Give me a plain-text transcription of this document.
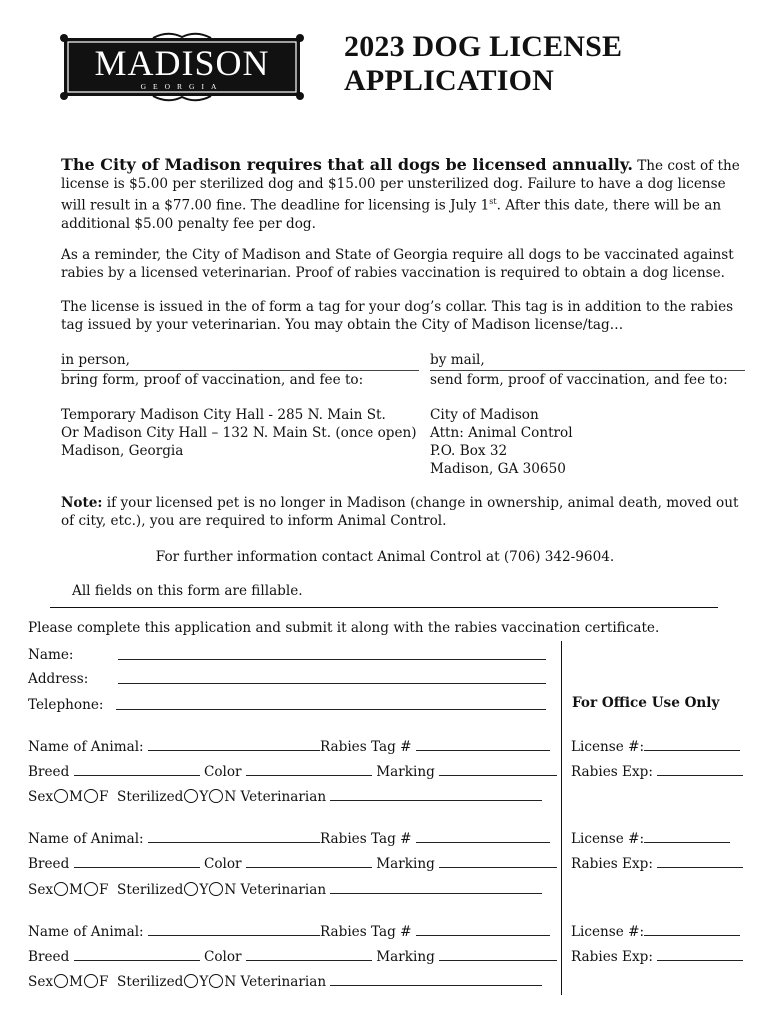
MADISON
GEORGIA
2023 DOG LICENSE
APPLICATION
The City of Madison requires that all dogs be licensed annually. The cost of the license is $5.00 per sterilized dog and $15.00 per unsterilized dog. Failure to have a dog license will result in a $77.00 fine. The deadline for licensing is July 1st. After this date, there will be an additional $5.00 penalty fee per dog.
As a reminder, the City of Madison and State of Georgia require all dogs to be vaccinated against rabies by a licensed veterinarian. Proof of rabies vaccination is required to obtain a dog license.
The license is issued in the of form a tag for your dog’s collar. This tag is in addition to the rabies tag issued by your veterinarian. You may obtain the City of Madison license/tag…
in person,
bring form, proof of vaccination, and fee to:
by mail,
send form, proof of vaccination, and fee to:
Temporary Madison City Hall - 285 N. Main St.
Or Madison City Hall – 132 N. Main St. (once open)
Madison, Georgia
City of Madison
Attn: Animal Control
P.O. Box 32
Madison, GA 30650
Note: if your licensed pet is no longer in Madison (change in ownership, animal death, moved out of city, etc.), you are required to inform Animal Control.
For further information contact Animal Control at (706) 342-9604.
All fields on this form are fillable.
Please complete this application and submit it along with the rabies vaccination certificate.
Name:
Address:
Telephone:	For Office Use Only
Name of Animal:	Rabies Tag #	License #:
Breed	Color	Marking	Rabies Exp:
Sex M F Sterilized Y N Veterinarian
Name of Animal:	Rabies Tag #	License #:
Breed	Color	Marking	Rabies Exp:
Sex M F Sterilized Y N Veterinarian
Name of Animal:	Rabies Tag #	License #:
Breed	Color	Marking	Rabies Exp:
Sex M F Sterilized Y N Veterinarian
